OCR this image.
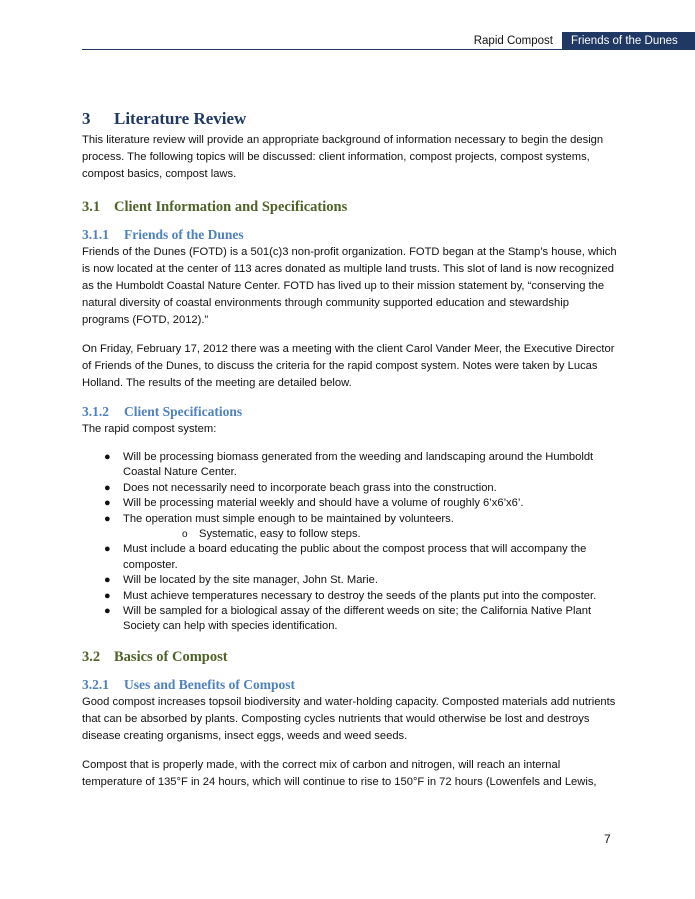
Rapid Compost	Friends of the Dunes
3 Literature Review

This literature review will provide an appropriate background of information necessary to begin the design process. The following topics will be discussed: client information, compost projects, compost systems, compost basics, compost laws.

3.1 Client Information and Specifications
3.1.1 Friends of the Dunes

Friends of the Dunes (FOTD) is a 501(c)3 non-profit organization. FOTD began at the Stamp’s house, which is now located at the center of 113 acres donated as multiple land trusts. This slot of land is now recognized as the Humboldt Coastal Nature Center. FOTD has lived up to their mission statement by, “conserving the natural diversity of coastal environments through community supported education and stewardship programs (FOTD, 2012).”

On Friday, February 17, 2012 there was a meeting with the client Carol Vander Meer, the Executive Director of Friends of the Dunes, to discuss the criteria for the rapid compost system. Notes were taken by Lucas Holland. The results of the meeting are detailed below.

3.1.2 Client Specifications

The rapid compost system:

● Will be processing biomass generated from the weeding and landscaping around the Humboldt Coastal Nature Center.
● Does not necessarily need to incorporate beach grass into the construction.
● Will be processing material weekly and should have a volume of roughly 6’x6’x6’.
● The operation must simple enough to be maintained by volunteers.
o Systematic, easy to follow steps.
● Must include a board educating the public about the compost process that will accompany the composter.
● Will be located by the site manager, John St. Marie.
● Must achieve temperatures necessary to destroy the seeds of the plants put into the composter.
● Will be sampled for a biological assay of the different weeds on site; the California Native Plant Society can help with species identification.
3.2 Basics of Compost
3.2.1 Uses and Benefits of Compost

Good compost increases topsoil biodiversity and water-holding capacity. Composted materials add nutrients that can be absorbed by plants. Composting cycles nutrients that would otherwise be lost and destroys disease creating organisms, insect eggs, weeds and weed seeds.

Compost that is properly made, with the correct mix of carbon and nitrogen, will reach an internal temperature of 135°F in 24 hours, which will continue to rise to 150°F in 72 hours (Lowenfels and Lewis,

7
